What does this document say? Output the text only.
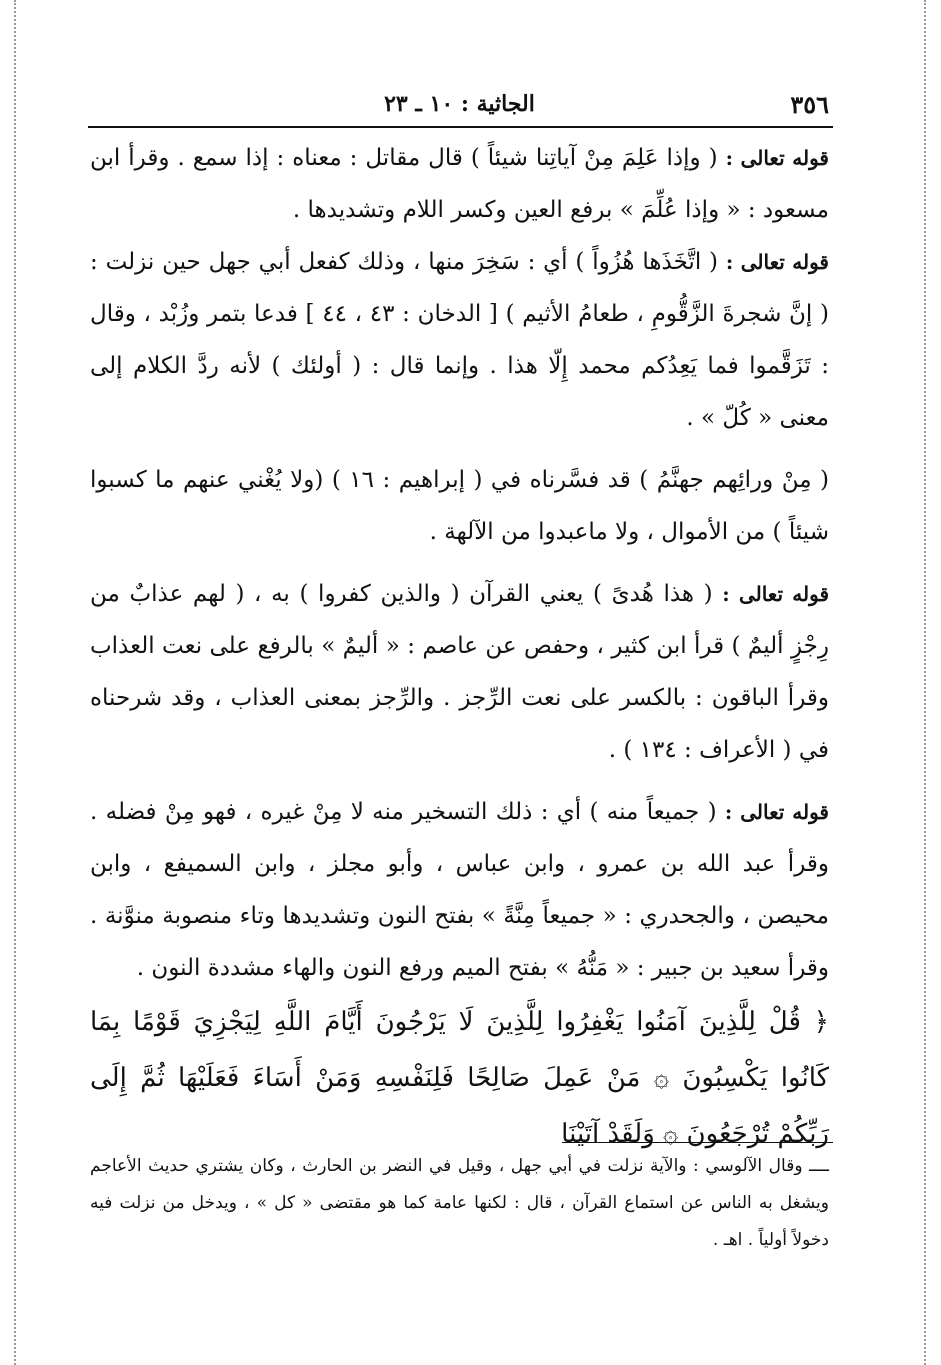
٣٥٦
الجاثية : ١٠ ـ ٢٣

قوله تعالى : ( وإذا عَلِمَ مِنْ آياتِنا شيئاً ) قال مقاتل : معناه : إذا سمع . وقرأ ابن مسعود : « وإذا عُلِّمَ » برفع العين وكسر اللام وتشديدها .

قوله تعالى : ( اتَّخَذَها هُزُواً ) أي : سَخِرَ منها ، وذلك كفعل أبي جهل حين نزلت : ( إنَّ شجرةَ الزَّقُّومِ ، طعامُ الأثيم ) [ الدخان : ٤٣ ، ٤٤ ] فدعا بتمر وزُبْد ، وقال : تَزَقَّموا فما يَعِدُكم محمد إِلّا هذا . وإنما قال : ( أولئك ) لأنه ردَّ الكلام إلى معنى « كُلّ » .

( مِنْ ورائِهم جهنَّمُ ) قد فسَّرناه في ( إبراهيم : ١٦ ) (ولا يُغْني عنهم ما كسبوا شيئاً ) من الأموال ، ولا ماعبدوا من الآلهة .

قوله تعالى : ( هذا هُدىً ) يعني القرآن ( والذين كفروا ) به ، ( لهم عذابٌ من رِجْزٍ أليمٌ ) قرأ ابن كثير ، وحفص عن عاصم : « أليمٌ » بالرفع على نعت العذاب وقرأ الباقون : بالكسر على نعت الرِّجز . والرِّجز بمعنى العذاب ، وقد شرحناه في ( الأعراف : ١٣٤ ) .

قوله تعالى : ( جميعاً منه ) أي : ذلك التسخير منه لا مِنْ غيره ، فهو مِنْ فضله . وقرأ عبد الله بن عمرو ، وابن عباس ، وأبو مجلز ، وابن السميفع ، وابن محيصن ، والجحدري : « جميعاً مِنَّةً » بفتح النون وتشديدها وتاء منصوبة منوَّنة . وقرأ سعيد بن جبير : « مَنُّهُ » بفتح الميم ورفع النون والهاء مشددة النون .

﴿ قُلْ لِلَّذِينَ آمَنُوا يَغْفِرُوا لِلَّذِينَ لَا يَرْجُونَ أَيَّامَ اللَّهِ لِيَجْزِيَ قَوْمًا بِمَا كَانُوا يَكْسِبُونَ ۞ مَنْ عَمِلَ صَالِحًا فَلِنَفْسِهِ وَمَنْ أَسَاءَ فَعَلَيْهَا ثُمَّ إِلَى رَبِّكُمْ تُرْجَعُونَ ۞ وَلَقَدْ آتَيْنَا

ــــ وقال الآلوسي : والآية نزلت في أبي جهل ، وقيل في النضر بن الحارث ، وكان يشتري حديث الأعاجم ويشغل به الناس عن استماع القرآن ، قال : لكنها عامة كما هو مقتضى « كل » ، ويدخل من نزلت فيه دخولاً أولياً . اهـ .
